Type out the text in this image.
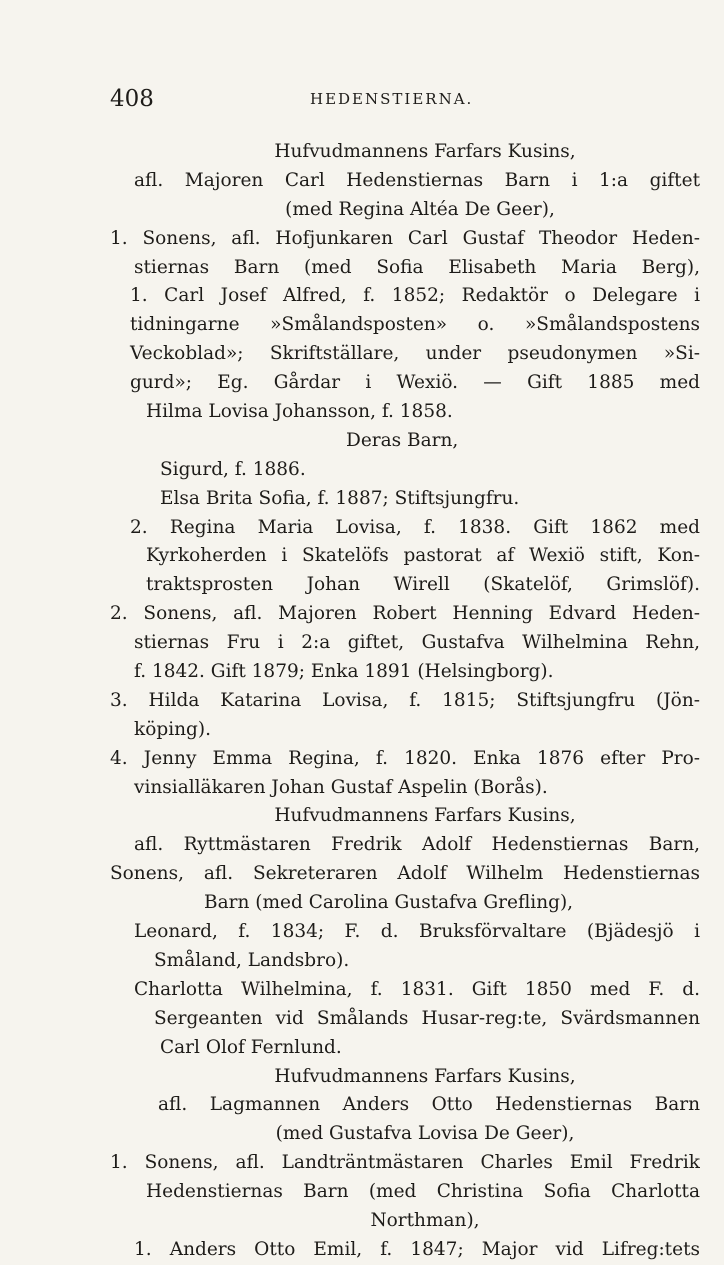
408	HEDENSTIERNA.
Hufvudmannens Farfars Kusins,
afl. Majoren Carl Hedenstiernas Barn i 1:a giftet
(med Regina Altéa De Geer),
1. Sonens, afl. Hofjunkaren Carl Gustaf Theodor Heden-
stiernas Barn (med Sofia Elisabeth Maria Berg),
1. Carl Josef Alfred, f. 1852; Redaktör o Delegare i
tidningarne »Smålandsposten» o. »Smålandspostens
Veckoblad»; Skriftställare, under pseudonymen »Si-
gurd»; Eg. Gårdar i Wexiö. — Gift 1885 med
Hilma Lovisa Johansson, f. 1858.
Deras Barn,
Sigurd, f. 1886.
Elsa Brita Sofia, f. 1887; Stiftsjungfru.
2. Regina Maria Lovisa, f. 1838. Gift 1862 med
Kyrkoherden i Skatelöfs pastorat af Wexiö stift, Kon-
traktsprosten Johan Wirell (Skatelöf, Grimslöf).
2. Sonens, afl. Majoren Robert Henning Edvard Heden-
stiernas Fru i 2:a giftet, Gustafva Wilhelmina Rehn,
f. 1842. Gift 1879; Enka 1891 (Helsingborg).
3. Hilda Katarina Lovisa, f. 1815; Stiftsjungfru (Jön-
köping).
4. Jenny Emma Regina, f. 1820. Enka 1876 efter Pro-
vinsialläkaren Johan Gustaf Aspelin (Borås).
Hufvudmannens Farfars Kusins,
afl. Ryttmästaren Fredrik Adolf Hedenstiernas Barn,
Sonens, afl. Sekreteraren Adolf Wilhelm Hedenstiernas
Barn (med Carolina Gustafva Grefling),
Leonard, f. 1834; F. d. Bruksförvaltare (Bjädesjö i
Småland, Landsbro).
Charlotta Wilhelmina, f. 1831. Gift 1850 med F. d.
Sergeanten vid Smålands Husar-reg:te, Svärdsmannen
Carl Olof Fernlund.
Hufvudmannens Farfars Kusins,
afl. Lagmannen Anders Otto Hedenstiernas Barn
(med Gustafva Lovisa De Geer),
1. Sonens, afl. Landträntmästaren Charles Emil Fredrik
Hedenstiernas Barn (med Christina Sofia Charlotta
Northman),
1. Anders Otto Emil, f. 1847; Major vid Lifreg:tets
